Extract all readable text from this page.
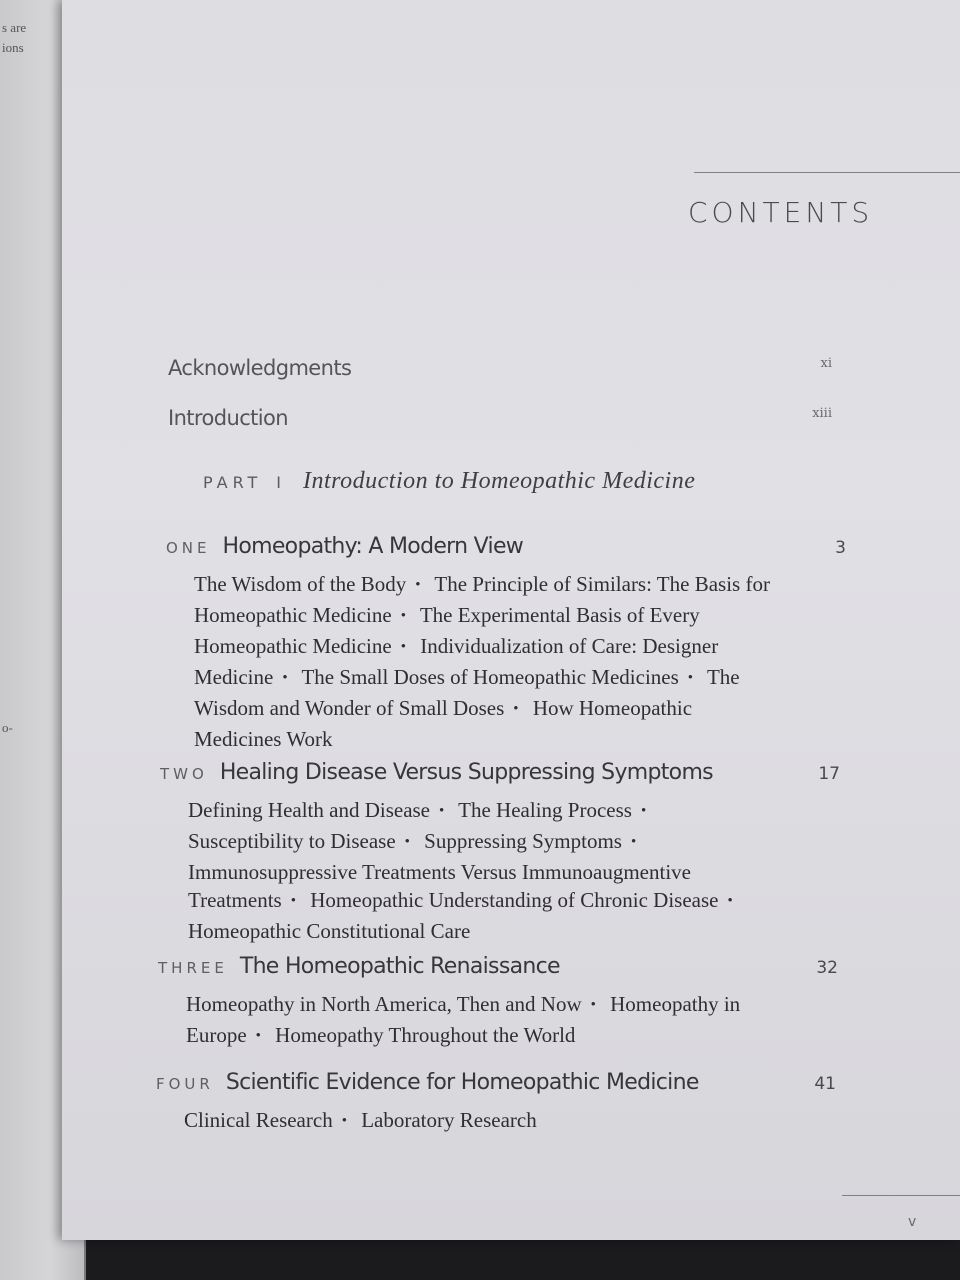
s are
ions
o-
CONTENTS
Acknowledgments	xi
Introduction	xiii
PART I Introduction to Homeopathic Medicine
ONE Homeopathy: A Modern View	3
The Wisdom of the Body • The Principle of Similars: The Basis for Homeopathic Medicine • The Experimental Basis of Every Homeopathic Medicine • Individualization of Care: Designer Medicine • The Small Doses of Homeopathic Medicines • The Wisdom and Wonder of Small Doses • How Homeopathic Medicines Work
TWO Healing Disease Versus Suppressing Symptoms	17
Defining Health and Disease • The Healing Process • Susceptibility to Disease • Suppressing Symptoms • Immunosuppressive Treatments Versus Immunoaugmentive Treatments • Homeopathic Understanding of Chronic Disease • Homeopathic Constitutional Care
THREE The Homeopathic Renaissance	32
Homeopathy in North America, Then and Now • Homeopathy in Europe • Homeopathy Throughout the World
FOUR Scientific Evidence for Homeopathic Medicine	41
Clinical Research • Laboratory Research
v
